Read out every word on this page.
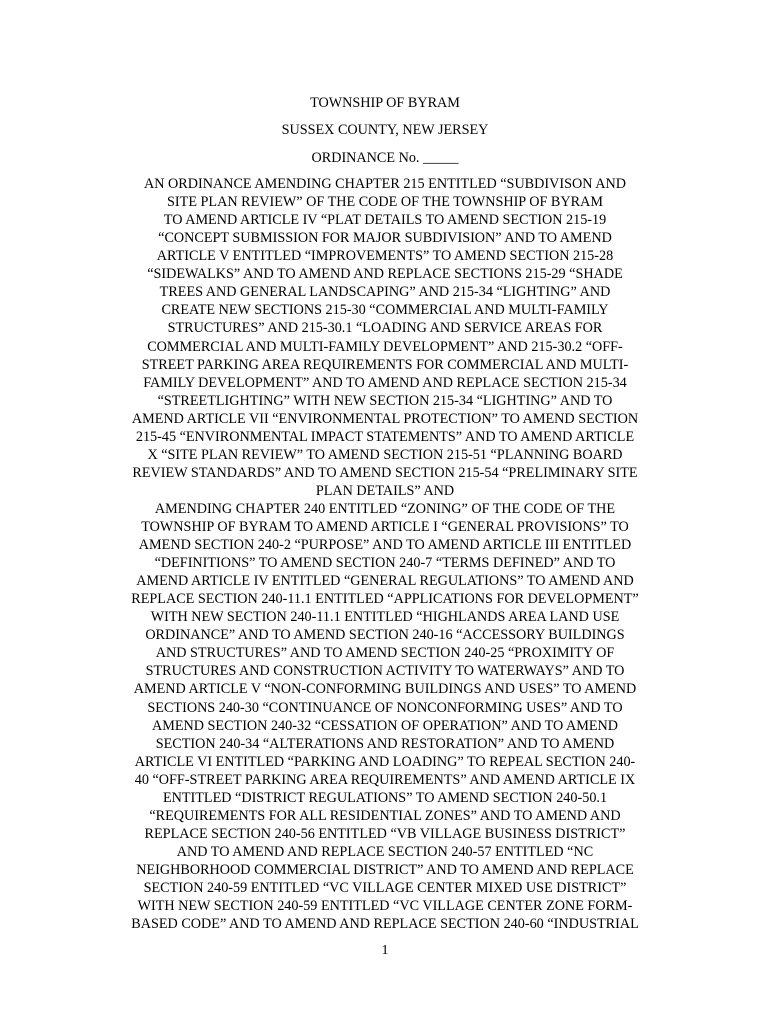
TOWNSHIP OF BYRAM
SUSSEX COUNTY, NEW JERSEY
ORDINANCE No. _____
AN ORDINANCE AMENDING CHAPTER 215 ENTITLED “SUBDIVISON AND
SITE PLAN REVIEW” OF THE CODE OF THE TOWNSHIP OF BYRAM
TO AMEND ARTICLE IV “PLAT DETAILS TO AMEND SECTION 215-19
“CONCEPT SUBMISSION FOR MAJOR SUBDIVISION” AND TO AMEND
ARTICLE V ENTITLED “IMPROVEMENTS” TO AMEND SECTION 215-28
“SIDEWALKS” AND TO AMEND AND REPLACE SECTIONS 215-29 “SHADE
TREES AND GENERAL LANDSCAPING” AND 215-34 “LIGHTING” AND
CREATE NEW SECTIONS 215-30 “COMMERCIAL AND MULTI-FAMILY
STRUCTURES” AND 215-30.1 “LOADING AND SERVICE AREAS FOR
COMMERCIAL AND MULTI-FAMILY DEVELOPMENT” AND 215-30.2 “OFF-
STREET PARKING AREA REQUIREMENTS FOR COMMERCIAL AND MULTI-
FAMILY DEVELOPMENT” AND TO AMEND AND REPLACE SECTION 215-34
“STREETLIGHTING” WITH NEW SECTION 215-34 “LIGHTING” AND TO
AMEND ARTICLE VII “ENVIRONMENTAL PROTECTION” TO AMEND SECTION
215-45 “ENVIRONMENTAL IMPACT STATEMENTS” AND TO AMEND ARTICLE
X “SITE PLAN REVIEW” TO AMEND SECTION 215-51 “PLANNING BOARD
REVIEW STANDARDS” AND TO AMEND SECTION 215-54 “PRELIMINARY SITE
PLAN DETAILS” AND
AMENDING CHAPTER 240 ENTITLED “ZONING” OF THE CODE OF THE
TOWNSHIP OF BYRAM TO AMEND ARTICLE I “GENERAL PROVISIONS” TO
AMEND SECTION 240-2 “PURPOSE” AND TO AMEND ARTICLE III ENTITLED
“DEFINITIONS” TO AMEND SECTION 240-7 “TERMS DEFINED” AND TO
AMEND ARTICLE IV ENTITLED “GENERAL REGULATIONS” TO AMEND AND
REPLACE SECTION 240-11.1 ENTITLED “APPLICATIONS FOR DEVELOPMENT”
WITH NEW SECTION 240-11.1 ENTITLED “HIGHLANDS AREA LAND USE
ORDINANCE” AND TO AMEND SECTION 240-16 “ACCESSORY BUILDINGS
AND STRUCTURES” AND TO AMEND SECTION 240-25 “PROXIMITY OF
STRUCTURES AND CONSTRUCTION ACTIVITY TO WATERWAYS” AND TO
AMEND ARTICLE V “NON-CONFORMING BUILDINGS AND USES” TO AMEND
SECTIONS 240-30 “CONTINUANCE OF NONCONFORMING USES” AND TO
AMEND SECTION 240-32 “CESSATION OF OPERATION” AND TO AMEND
SECTION 240-34 “ALTERATIONS AND RESTORATION” AND TO AMEND
ARTICLE VI ENTITLED “PARKING AND LOADING” TO REPEAL SECTION 240-
40 “OFF-STREET PARKING AREA REQUIREMENTS” AND AMEND ARTICLE IX
ENTITLED “DISTRICT REGULATIONS” TO AMEND SECTION 240-50.1
“REQUIREMENTS FOR ALL RESIDENTIAL ZONES” AND TO AMEND AND
REPLACE SECTION 240-56 ENTITLED “VB VILLAGE BUSINESS DISTRICT”
AND TO AMEND AND REPLACE SECTION 240-57 ENTITLED “NC
NEIGHBORHOOD COMMERCIAL DISTRICT” AND TO AMEND AND REPLACE
SECTION 240-59 ENTITLED “VC VILLAGE CENTER MIXED USE DISTRICT”
WITH NEW SECTION 240-59 ENTITLED “VC VILLAGE CENTER ZONE FORM-
BASED CODE” AND TO AMEND AND REPLACE SECTION 240-60 “INDUSTRIAL
1
